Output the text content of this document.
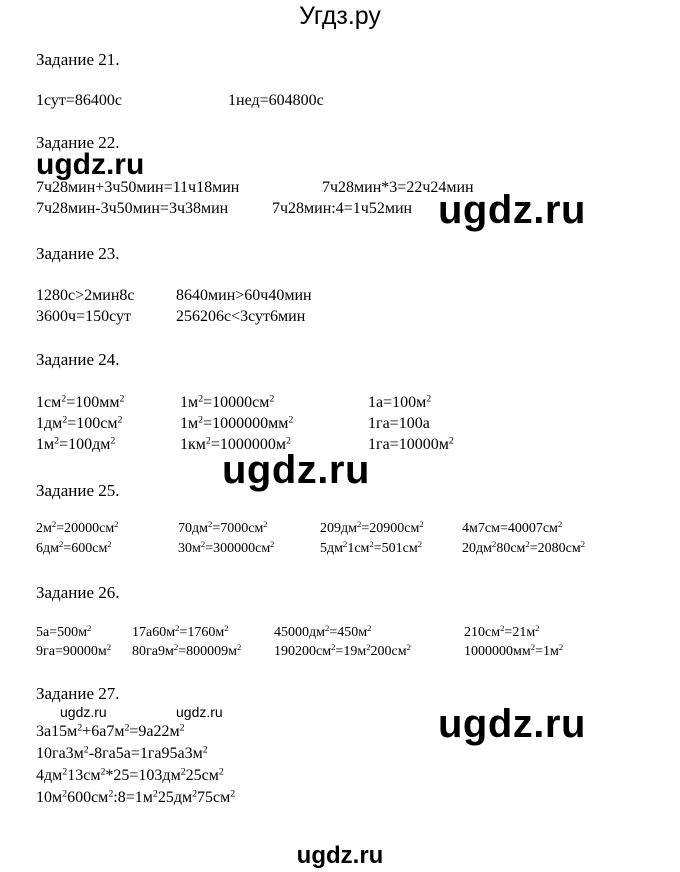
Угдз.ру
Задание 21.
1сут=86400с	1нед=604800с
Задание 22.
ugdz.ru
7ч28мин+3ч50мин=11ч18мин	7ч28мин*3=22ч24мин
7ч28мин-3ч50мин=3ч38мин	7ч28мин:4=1ч52мин ugdz.ru
Задание 23.
1280с>2мин8с	8640мин>60ч40мин
3600ч=150сут	256206с<3сут6мин
Задание 24.
$1см^2=100мм^2$	$1м^2=10000см^2$	$1а=100м^2$
$1дм^2=100см^2$	$1м^2=1000000мм^2$	1га=100а
$1м^2=100дм^2$	$1км^2=1000000м^2$	$1га=10000м^2$
ugdz.ru
Задание 25.
$2м^2=20000см^2$	$70дм^2=7000см^2$	$209дм^2=20900см^2$	$4м7см=40007см^2$
$6дм^2=600см^2$	$30м^2=300000см^2$	$5дм^21см^2=501см^2$	$20дм^280см^2=2080см^2$
Задание 26.
$5а=500м^2$	$17а60м^2=1760м^2$	$45000дм^2=450м^2$	$210см^2=21м^2$
$9га=90000м^2$ $80га9м^2=800009м^2$ $190200см^2=19м^2200см^2$	$1000000мм^2=1м^2$
Задание 27.
ugdz.ru	ugdz.ru	ugdz.ru
$3а15м^2+6а7м^2=9а22м^2$
$10га3м^2-8га5а=1га95а3м^2$
$4дм^213см^2*25=103дм^225см^2$
$10м^2600см^2:8=1м^225дм^275см^2$
ugdz.ru
